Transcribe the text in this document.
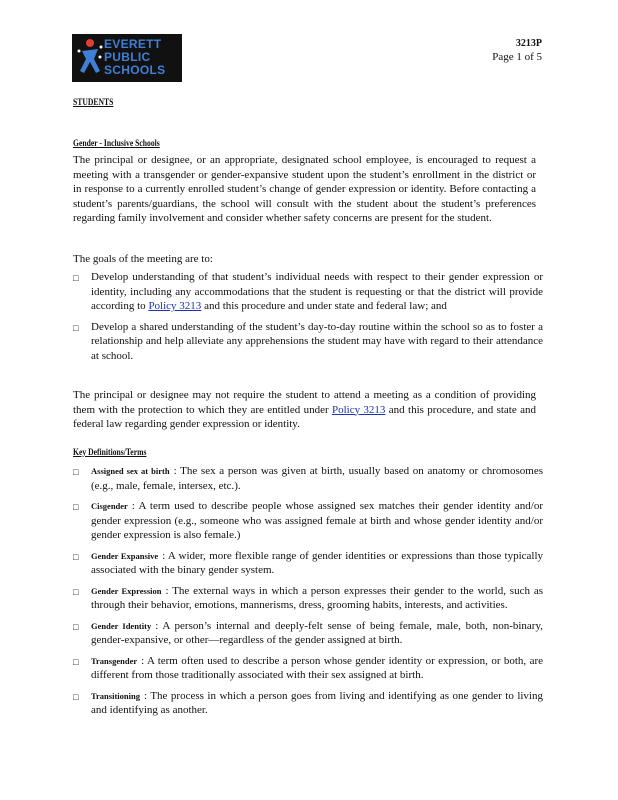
EVERETT
PUBLIC
SCHOOLS
3213P
Page 1 of 5
STUDENTS
Gender - Inclusive Schools
The principal or designee, or an appropriate, designated school employee, is encouraged to request a meeting with a transgender or gender-expansive student upon the student’s enrollment in the district or in response to a currently enrolled student’s change of gender expression or identity. Before contacting a student’s parents/guardians, the school will consult with the student about the student’s preferences regarding family involvement and consider whether safety concerns are present for the student.
The goals of the meeting are to:
□ Develop understanding of that student’s individual needs with respect to their gender expression or identity, including any accommodations that the student is requesting or that the district will provide according to Policy 3213 and this procedure and under state and federal law; and
□ Develop a shared understanding of the student’s day-to-day routine within the school so as to foster a relationship and help alleviate any apprehensions the student may have with regard to their attendance at school.
The principal or designee may not require the student to attend a meeting as a condition of providing them with the protection to which they are entitled under Policy 3213 and this procedure, and state and federal law regarding gender expression or identity.
Key Definitions/Terms
□ Assigned sex at birth : The sex a person was given at birth, usually based on anatomy or chromosomes (e.g., male, female, intersex, etc.).
□ Cisgender : A term used to describe people whose assigned sex matches their gender identity and/or gender expression (e.g., someone who was assigned female at birth and whose gender identity and/or gender expression is also female.)
□ Gender Expansive : A wider, more flexible range of gender identities or expressions than those typically associated with the binary gender system.
□ Gender Expression : The external ways in which a person expresses their gender to the world, such as through their behavior, emotions, mannerisms, dress, grooming habits, interests, and activities.
□ Gender Identity : A person’s internal and deeply-felt sense of being female, male, both, non-binary, gender-expansive, or other—regardless of the gender assigned at birth.
□ Transgender : A term often used to describe a person whose gender identity or expression, or both, are different from those traditionally associated with their sex assigned at birth.
□ Transitioning : The process in which a person goes from living and identifying as one gender to living and identifying as another.
